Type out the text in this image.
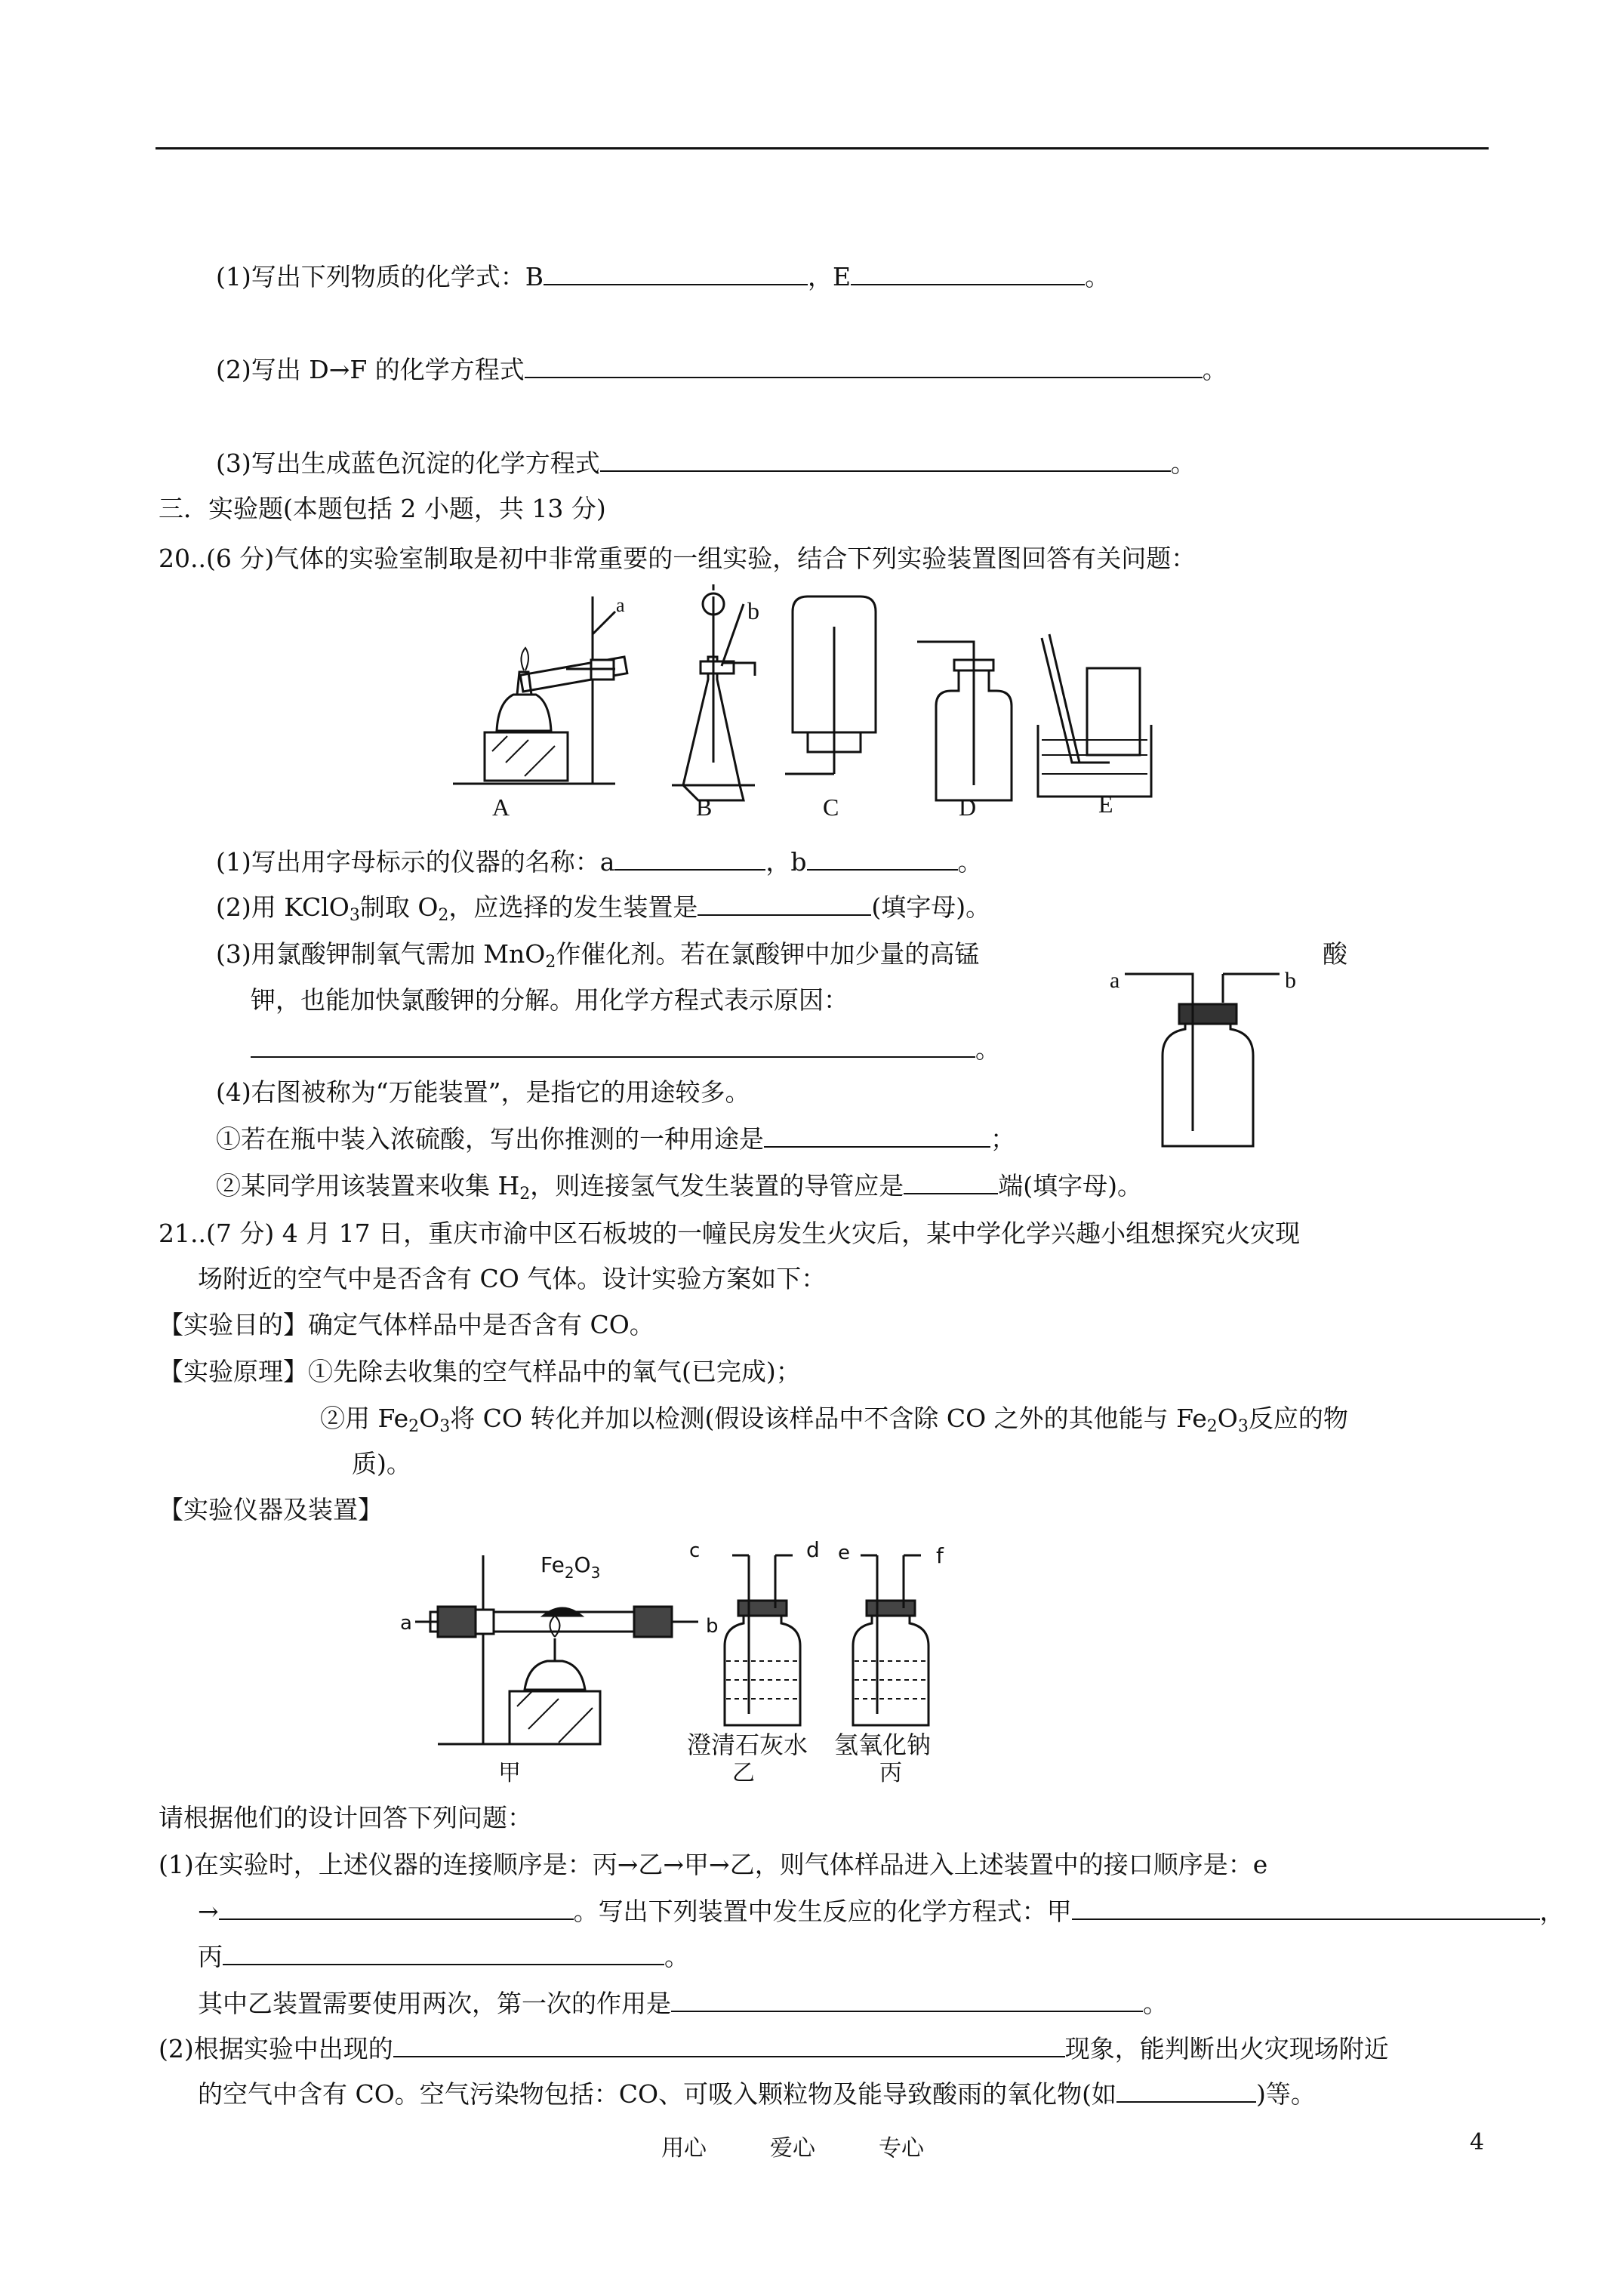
(1)写出下列物质的化学式：B	，E	。
(2)写出 D→F 的化学方程式	。
(3)写出生成蓝色沉淀的化学方程式	。
三．实验题(本题包括 2 小题，共 13 分)
20..(6 分)气体的实验室制取是初中非常重要的一组实验，结合下列实验装置图回答有关问题：
a	b
A	B	C	D	E
(1)写出用字母标示的仪器的名称：a	，b	。
(2)用 KClO$_3$制取 $O_2$，应选择的发生装置是	(填字母)。
(3)用氯酸钾制氧气需加 MnO$_2$作催化剂。若在氯酸钾中加少量的高锰	酸
钾，也能加快氯酸钾的分解。用化学方程式表示原因：
。
a	b
(4)右图被称为“万能装置”，是指它的用途较多。
①若在瓶中装入浓硫酸，写出你推测的一种用途是	；
②某同学用该装置来收集 $H_2$，则连接氢气发生装置的导管应是	端(填字母)。
21..(7 分) 4 月 17 日，重庆市渝中区石板坡的一幢民房发生火灾后，某中学化学兴趣小组想探究火灾现
场附近的空气中是否含有 CO 气体。设计实验方案如下：
【实验目的】确定气体样品中是否含有 CO。
【实验原理】①先除去收集的空气样品中的氧气(已完成)；
②用 $Fe_2O_3$将 CO 转化并加以检测(假设该样品中不含除 CO 之外的其他能与 $Fe_2O_3$反应的物
质)。
【实验仪器及装置】
$Fe_2O_3$
a	b
c	d e	f
澄清石灰水 氢氧化钠
甲	乙	丙
请根据他们的设计回答下列问题：
(1)在实验时，上述仪器的连接顺序是：丙→乙→甲→乙，则气体样品进入上述装置中的接口顺序是：e
→	。写出下列装置中发生反应的化学方程式：甲	，
丙	。
其中乙装置需要使用两次，第一次的作用是	。
(2)根据实验中出现的	现象，能判断出火灾现场附近
的空气中含有 CO。空气污染物包括：CO、可吸入颗粒物及能导致酸雨的氧化物(如	)等。
用心	爱心	专心	4
